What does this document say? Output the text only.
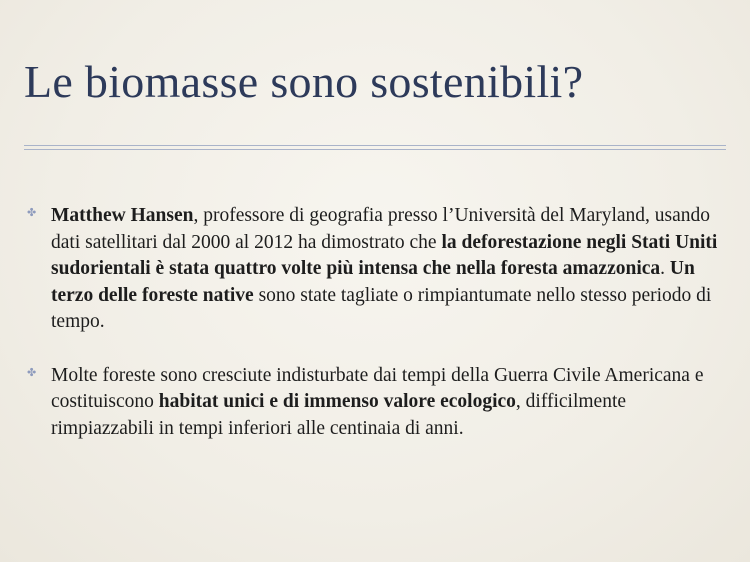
Le biomasse sono sostenibili?
✤ Matthew Hansen, professore di geografia presso l’Università del Maryland, usando dati satellitari dal 2000 al 2012 ha dimostrato che la deforestazione negli Stati Uniti sudorientali è stata quattro volte più intensa che nella foresta amazzonica. Un terzo delle foreste native sono state tagliate o rimpiantumate nello stesso periodo di tempo.
✤ Molte foreste sono cresciute indisturbate dai tempi della Guerra Civile Americana e costituiscono habitat unici e di immenso valore ecologico, difficilmente rimpiazzabili in tempi inferiori alle centinaia di anni.
